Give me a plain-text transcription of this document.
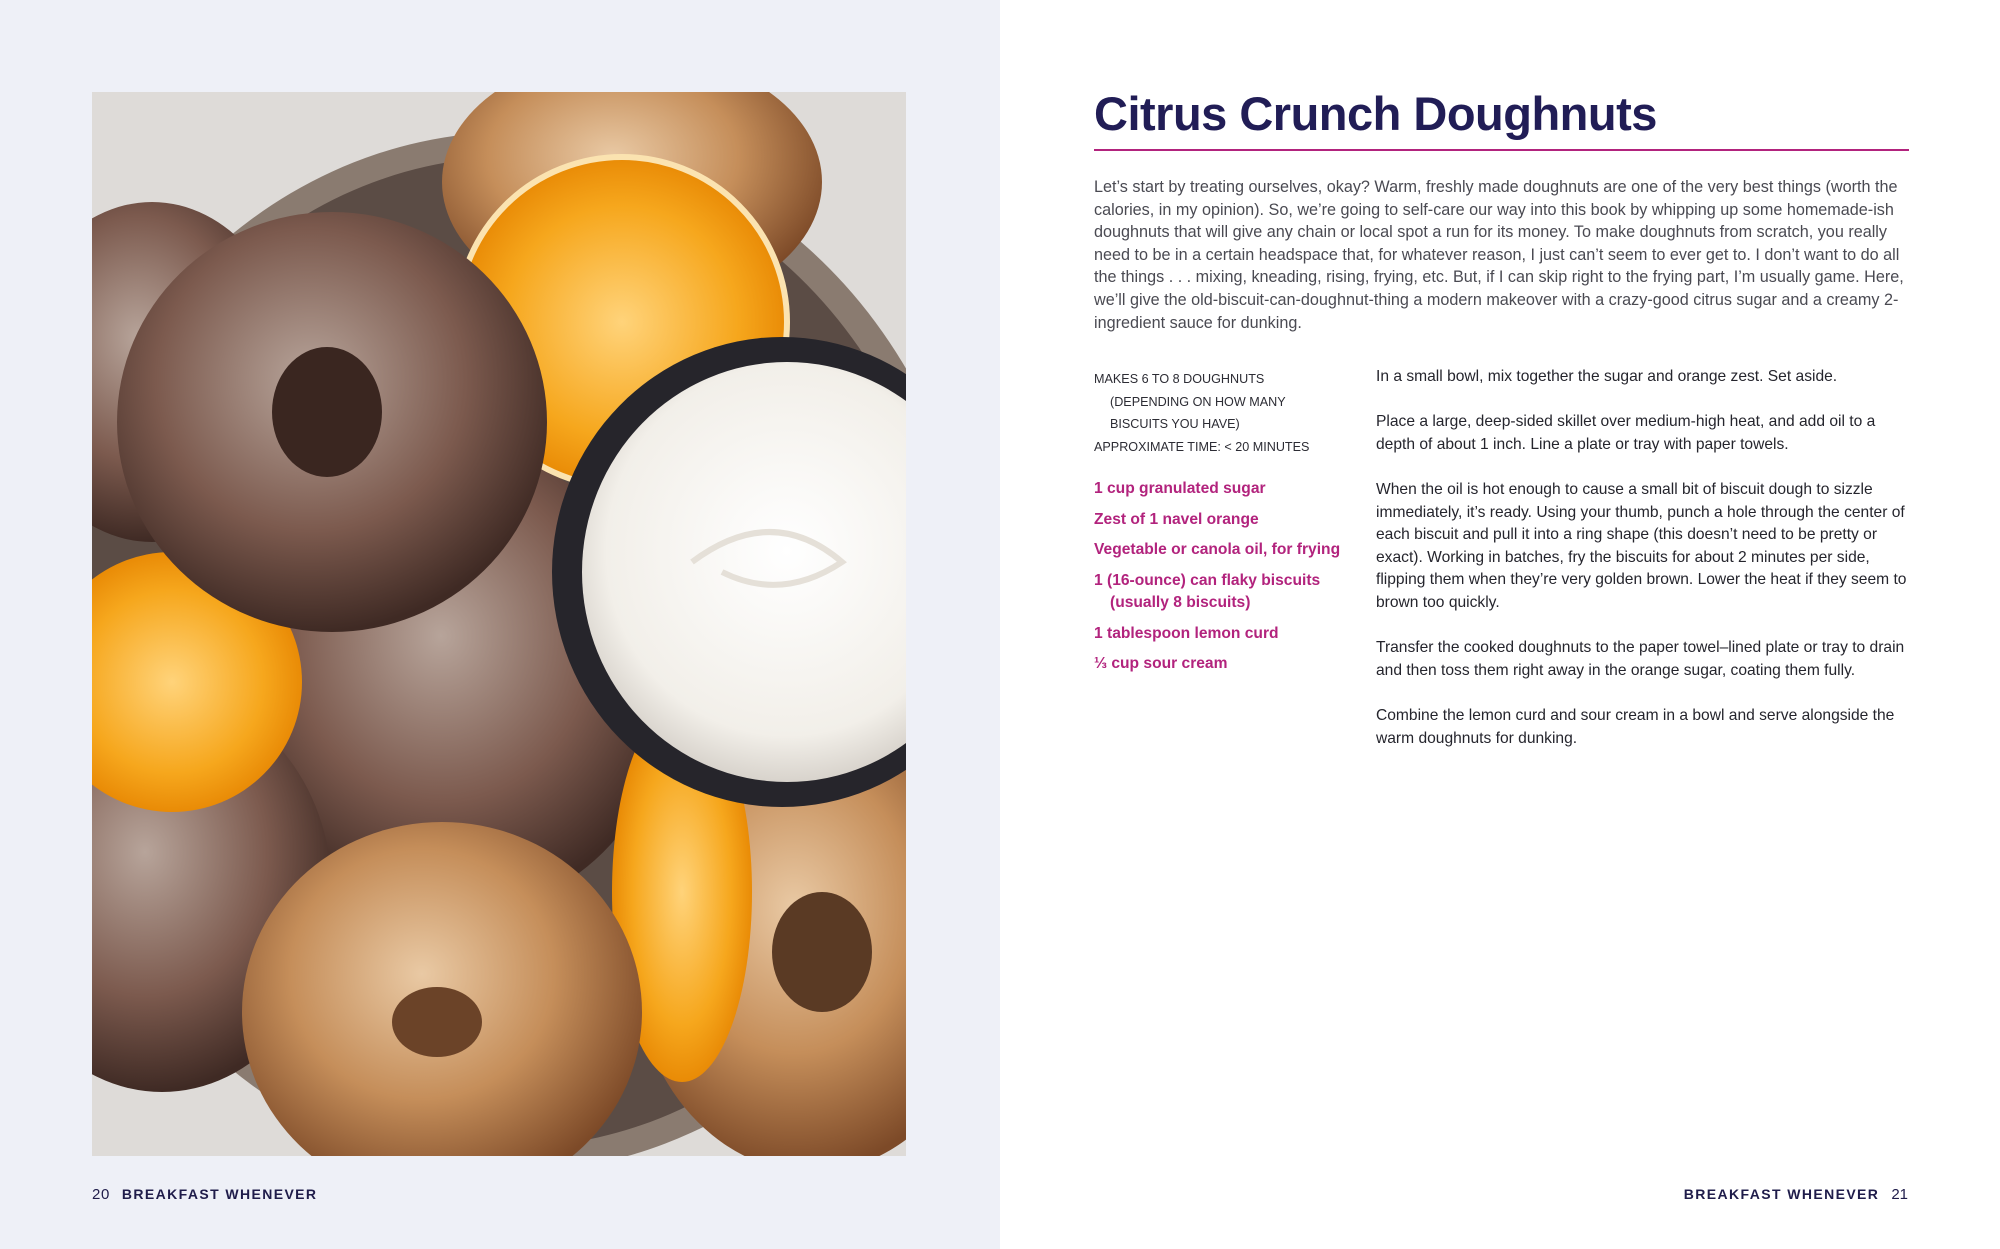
20 BREAKFAST WHENEVER
Citrus Crunch Doughnuts

Let’s start by treating ourselves, okay? Warm, freshly made doughnuts are one of the very best things (worth the calories, in my opinion). So, we’re going to self-care our way into this book by whipping up some homemade-ish doughnuts that will give any chain or local spot a run for its money. To make doughnuts from scratch, you really need to be in a certain headspace that, for whatever reason, I just can’t seem to ever get to. I don’t want to do all the things . . . mixing, kneading, rising, frying, etc. But, if I can skip right to the frying part, I’m usually game. Here, we’ll give the old-biscuit-can-doughnut-thing a modern makeover with a crazy-good citrus sugar and a creamy 2-ingredient sauce for dunking.

MAKES 6 TO 8 DOUGHNUTS
(DEPENDING ON HOW MANY
BISCUITS YOU HAVE)
APPROXIMATE TIME: < 20 MINUTES
1 cup granulated sugar
Zest of 1 navel orange
Vegetable or canola oil, for frying
1 (16-ounce) can flaky biscuits (usually 8 biscuits)
1 tablespoon lemon curd
⅓ cup sour cream

In a small bowl, mix together the sugar and orange zest. Set aside.

Place a large, deep-sided skillet over medium-high heat, and add oil to a depth of about 1 inch. Line a plate or tray with paper towels.

When the oil is hot enough to cause a small bit of biscuit dough to sizzle immediately, it’s ready. Using your thumb, punch a hole through the center of each biscuit and pull it into a ring shape (this doesn’t need to be pretty or exact). Working in batches, fry the biscuits for about 2 minutes per side, flipping them when they’re very golden brown. Lower the heat if they seem to brown too quickly.

Transfer the cooked doughnuts to the paper towel–lined plate or tray to drain and then toss them right away in the orange sugar, coating them fully.

Combine the lemon curd and sour cream in a bowl and serve alongside the warm doughnuts for dunking.

BREAKFAST WHENEVER 21
